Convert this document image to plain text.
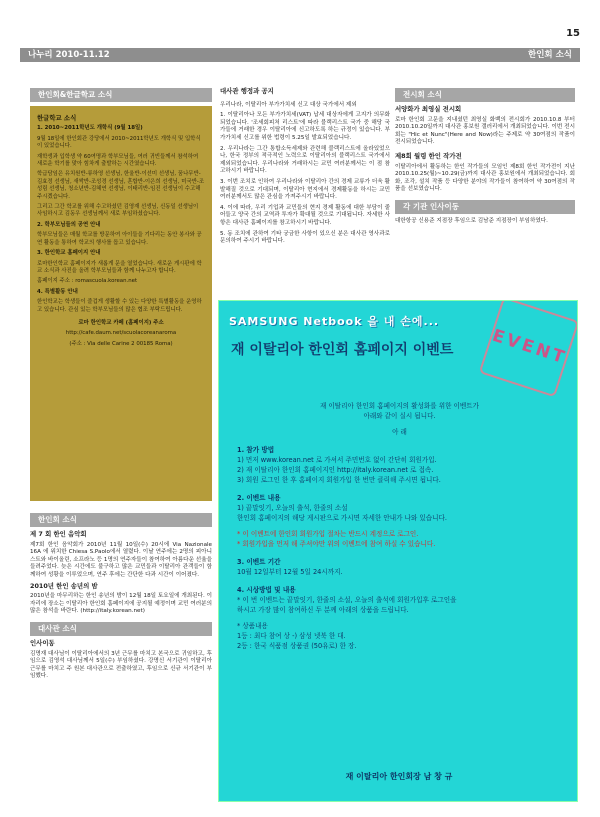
15
나누리 2010-11.12	한인회 소식
한인회&한글학교 소식

한글학교 소식

1. 2010~2011학년도 개학식 (9월 18일)

9월 18일에 한인회관 강당에서 2010~2011학년도 개학식 및 입학식이 있었습니다.

재학생과 입학생 약 60여명과 학부모님들, 여러 귀빈들께서 참석하여 새로운 학기를 맞아 힘차게 출발하는 시간였습니다.

학급담임은 유치원반-류하영 선생님, 한울반-이선미 선생님, 꿈나무반-김효정 선생님, 새싹반-조성경 선생님, 혼합반-이은희 선생님, 미국반-조성림 선생님, 청소년반-김혜연 선생님, 이태리반-임진 선생님이 수고해 주시겠습니다.

그리고 그간 학교를 위해 수고하셨던 김영재 선생님, 신동일 선생님이 사임하시고 김동우 선생님께서 새로 부임하셨습니다.

2. 학부모님들의 공연 안내

학부모님들은 매월 학교를 방문하여 아이들을 기다리는 동안 봉사와 공연 활동을 통하여 학교의 행사를 돕고 있습니다.

3. 한인학교 홈페이지 안내

로마한인학교 홈페이지가 새롭게 문을 열었습니다. 새로운 게시판에 학교 소식과 사진을 올려 학부모님들과 함께 나누고자 합니다.

홈페이지 주소 : romascuola.korean.net

4. 특별활동 안내

한인학교는 학생들이 즐겁게 생활할 수 있는 다양한 특별활동을 운영하고 있습니다. 관심 있는 학부모님들의 많은 협조 부탁드립니다.

로마 한인학교 카페 (홈페이지) 주소

http://cafe.daum.net/scuolacoreanaroma

(주소 : Via delle Carine 2 00185 Roma)

한인회 소식

제 7 회 한인 음악회

제7회 한인 음악회가 2010년 11월 10일(수) 20시에 Via Nazionale 16A 에 위치한 Chiesa S.Paolo에서 열렸다. 이날 연주에는 2명의 피아니스트와 바이올린, 소프라노 등 1명의 연주자들이 참여하여 아름다운 선율을 들려주었다. 늦은 시간에도 불구하고 많은 교민들과 이탈리아 관객들이 함께하여 성황을 이루었으며, 연주 후에는 간단한 다과 시간이 이어졌다.

2010년 한인 송년의 밤

2010년을 마무리하는 한인 송년의 밤이 12월 18일 토요일에 개최된다. 이 자리에 장소는 이탈리아 한인회 홈페이지에 공지될 예정이며 교민 여러분의 많은 참석을 바란다. (http://italy.korean.net)

대사관 소식

인사이동

김명재 대사님이 이탈리아에서의 3년 근무를 마치고 본국으로 귀임하고, 후임으로 김영석 대사님께서 5일(수) 부임하셨다. 강명신 서기관이 이탈리아 근무를 마치고 주 원본 대사관으로 전출하였고, 후임으로 신규 서기관이 부임했다.

대사관 행정과 공지

우리나라, 이탈리아 부가가치세 신고 대상 국가에서 제외

1. 이탈리아나 모든 부가가치세(VAT) 납세 대상자에게 고지가 의무화 되었습니다. '조세회피처 리스트'에 따라 블랙리스트 국가 중 해당 국가들에 거래한 경우 이탈리아에 신고하도록 하는 규정이 있습니다. 부가가치세 신고를 위한 법령이 5.25일 발효되었습니다.

2. 우리나라는 그간 통합소득세제와 관련해 블랙리스트에 올라있었으나, 한국 정부의 적극적인 노력으로 이탈리아의 블랙리스트 국가에서 제외되었습니다. 우리나라와 거래하시는 교민 여러분께서는 이 점 참고하시기 바랍니다.

3. 이번 조치로 인하여 우리나라와 이탈리아 간의 경제 교류가 더욱 활발해질 것으로 기대되며, 이탈리아 현지에서 경제활동을 하시는 교민 여러분께서도 많은 관심을 가져주시기 바랍니다.

4. 이에 따라, 우리 기업과 교민들의 현지 경제 활동에 대한 부담이 줄어들고 양국 간의 교역과 투자가 확대될 것으로 기대됩니다. 자세한 사항은 대사관 홈페이지를 참고하시기 바랍니다.

5. 동 조치에 관하여 기타 궁금한 사항이 있으신 분은 대사관 영사과로 문의하여 주시기 바랍니다.

전시회 소식

서양화가 최영실 전시회

로마 한인회 고문을 지내셨던 최영실 화백의 전시회가 2010.10.8 부터 2010.10.20일까지 대사관 홍보원 갤러리에서 개최되었습니다. 이번 전시회는 "Hic et Nunc"(Here and Now)라는 주제로 약 30여점의 작품이 전시되었습니다.

제8회 월령 한인 작가전

이탈리아에서 활동하는 한인 작가들의 모임인 제8회 한인 작가전이 지난 2010.10.25(월)~10.29(금)까지 대사관 홍보원에서 개최되었습니다. 회화, 조각, 설치 작품 등 다양한 분야의 작가들이 참여하여 약 30여점의 작품을 선보였습니다.

각 기관 인사이동

대한항공 신용준 지점장 후임으로 김남준 지점장이 부임하였다.

SAMSUNG Netbook 을 내 손에...
재 이탈리아 한인회 홈페이지 이벤트	EVENT

재 이탈리아 한인회 홈페이지의 활성화를 위한 이벤트가

아래와 같이 실시 됩니다.

아 래

1. 참가 방법

1) 먼저 www.korean.net 로 가셔서 주민번호 없이 간단히 회원가입.

2) 재 이탈리아 한인회 홈페이지인 http://italy.korean.net 로 접속.

3) 회원 로그인 한 후 홈페이지 회원가입 한 번만 클릭해 주시면 됩니다.

2. 이벤트 내용

1) 끝말잇기, 오늘의 출석, 한줄의 소설

한인회 홈페이지의 해당 게시판으로 가시면 자세한 안내가 나와 있습니다.

* 이 이벤트에 한인회 회원가입 절차는 반드시 계정으로 로그인.

* 회원가입을 먼저 해 주셔야만 위의 이벤트에 참여 하실 수 있습니다.

3. 이벤트 기간

10월 12일부터 12월 5일 24시까지.

4. 시상방법 및 내용

* 이 번 이벤트는 끝말잇기, 한줄의 소설, 오늘의 출석에 회원가입후 로그인을

하시고 가장 많이 참여하신 두 분께 아래의 상품을 드립니다.

* 상품내용

1등 : 최다 참여 상 -) 삼성 넷북 한 대.

2등 : 한국 식품점 상품권 (50유로) 한 장.

재 이탈리아 한인회장 남 창 규
